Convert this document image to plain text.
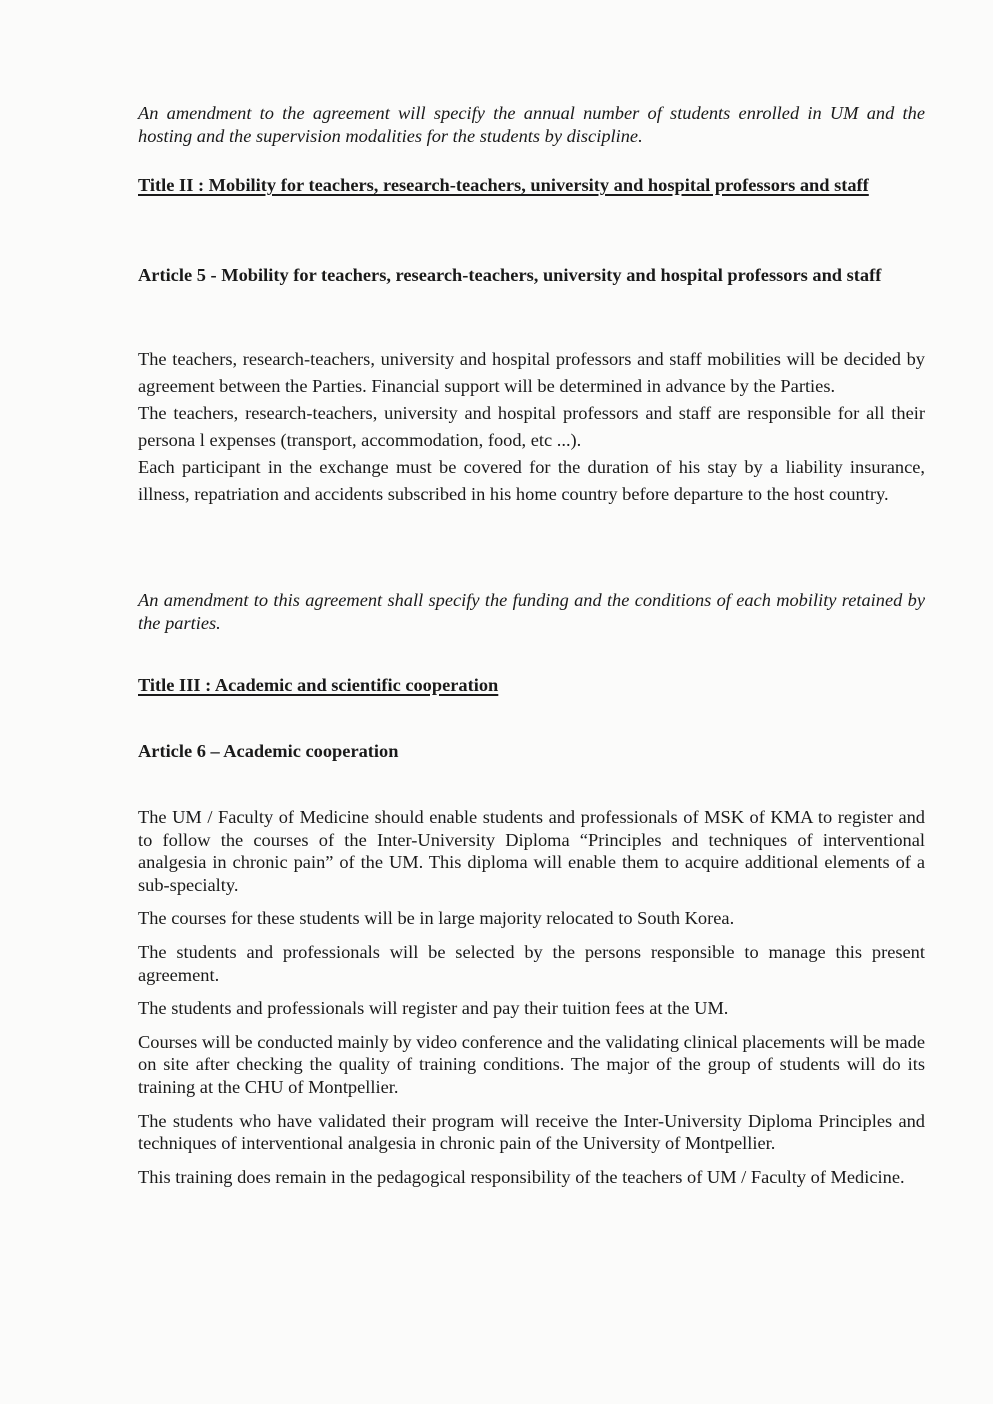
An amendment to the agreement will specify the annual number of students enrolled in UM and the hosting and the supervision modalities for the students by discipline.

Title II : Mobility for teachers, research-teachers, university and hospital professors and staff

Article 5 - Mobility for teachers, research-teachers, university and hospital professors and staff

The teachers, research-teachers, university and hospital professors and staff mobilities will be decided by agreement between the Parties. Financial support will be determined in advance by the Parties.

The teachers, research-teachers, university and hospital professors and staff are responsible for all their persona l expenses (transport, accommodation, food, etc ...).

Each participant in the exchange must be covered for the duration of his stay by a liability insurance, illness, repatriation and accidents subscribed in his home country before departure to the host country.

An amendment to this agreement shall specify the funding and the conditions of each mobility retained by the parties.

Title III : Academic and scientific cooperation

Article 6 – Academic cooperation

The UM / Faculty of Medicine should enable students and professionals of MSK of KMA to register and to follow the courses of the Inter-University Diploma “Principles and techniques of interventional analgesia in chronic pain” of the UM. This diploma will enable them to acquire additional elements of a sub-specialty.

The courses for these students will be in large majority relocated to South Korea.

The students and professionals will be selected by the persons responsible to manage this present agreement.

The students and professionals will register and pay their tuition fees at the UM.

Courses will be conducted mainly by video conference and the validating clinical placements will be made on site after checking the quality of training conditions. The major of the group of students will do its training at the CHU of Montpellier.

The students who have validated their program will receive the Inter-University Diploma Principles and techniques of interventional analgesia in chronic pain of the University of Montpellier.

This training does remain in the pedagogical responsibility of the teachers of UM / Faculty of Medicine.
